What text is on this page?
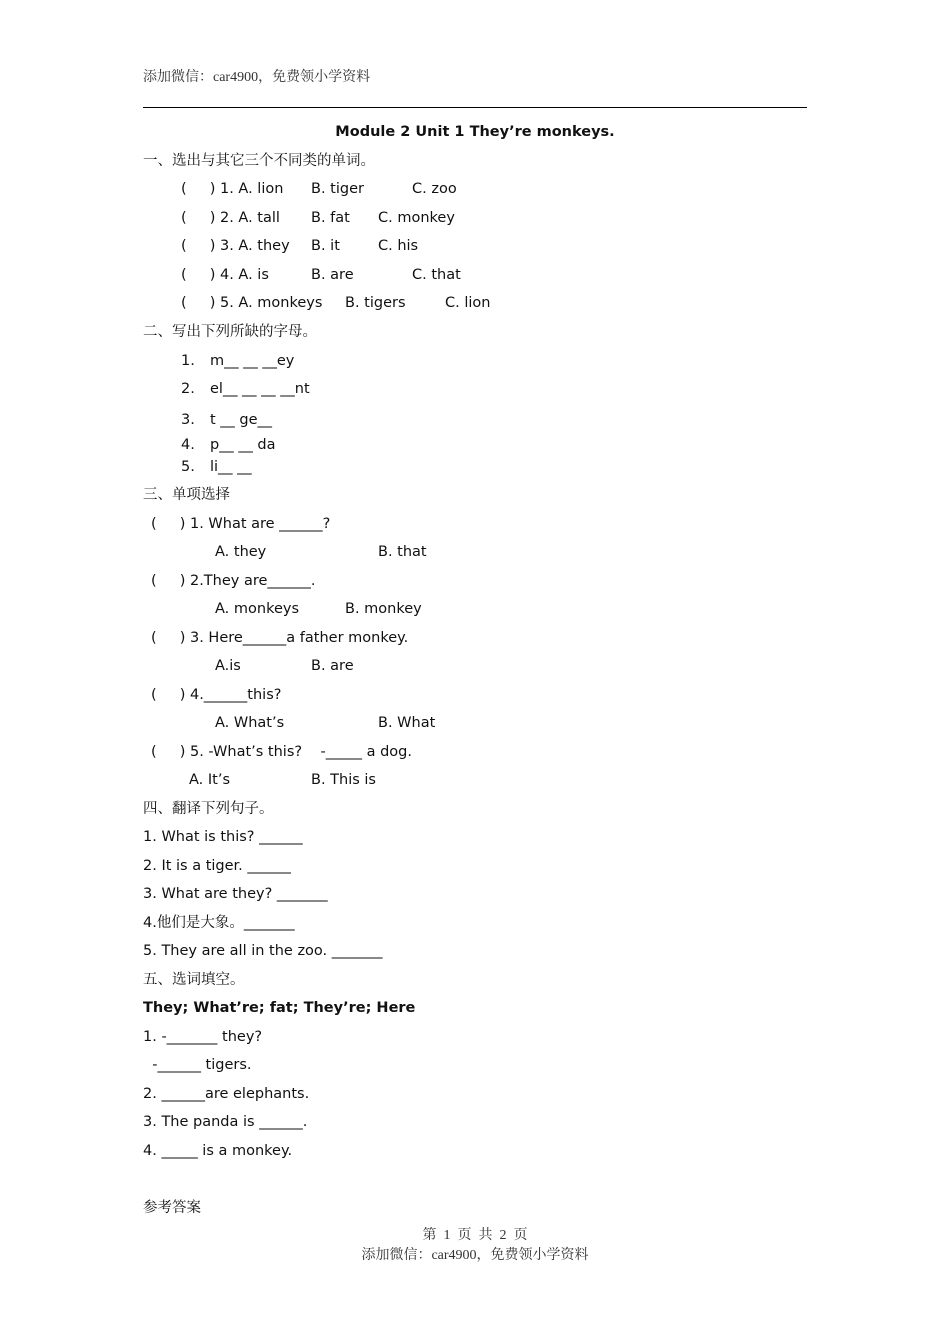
添加微信：car4900，免费领小学资料
Module 2 Unit 1 They’re monkeys.
一、选出与其它三个不同类的单词。
(     ) 1. A. lion B. tiger	C. zoo
(     ) 2. A. tall B. fat C. monkey
(     ) 3. A. they B. it	C. his
(     ) 4. A. is	B. are	C. that
(     ) 5. A. monkeys B. tigers	C. lion
二、写出下列所缺的字母。
1. m__ __ __ey
2. el__ __ __ __nt
3. t __ ge__
4. p__ __ da
5. li__ __
三、单项选择
(     ) 1. What are ______?
A. they	B. that
(     ) 2.They are______.
A. monkeys	B. monkey
(     ) 3. Here______a father monkey.
A.is	B. are
(     ) 4.______this?
A. What’s	B. What
(     ) 5. -What’s this?    -_____ a dog.
A. It’s	B. This is
四、翻译下列句子。
1. What is this? ______
2. It is a tiger. ______
3. What are they? _______
4.他们是大象。_______
5. They are all in the zoo. _______
五、选词填空。
They; What’re; fat; They’re; Here
1. -_______ they?
-______ tigers.
2. ______are elephants.
3. The panda is ______.
4. _____ is a monkey.
参考答案
第  1  页  共  2  页
添加微信：car4900，免费领小学资料
